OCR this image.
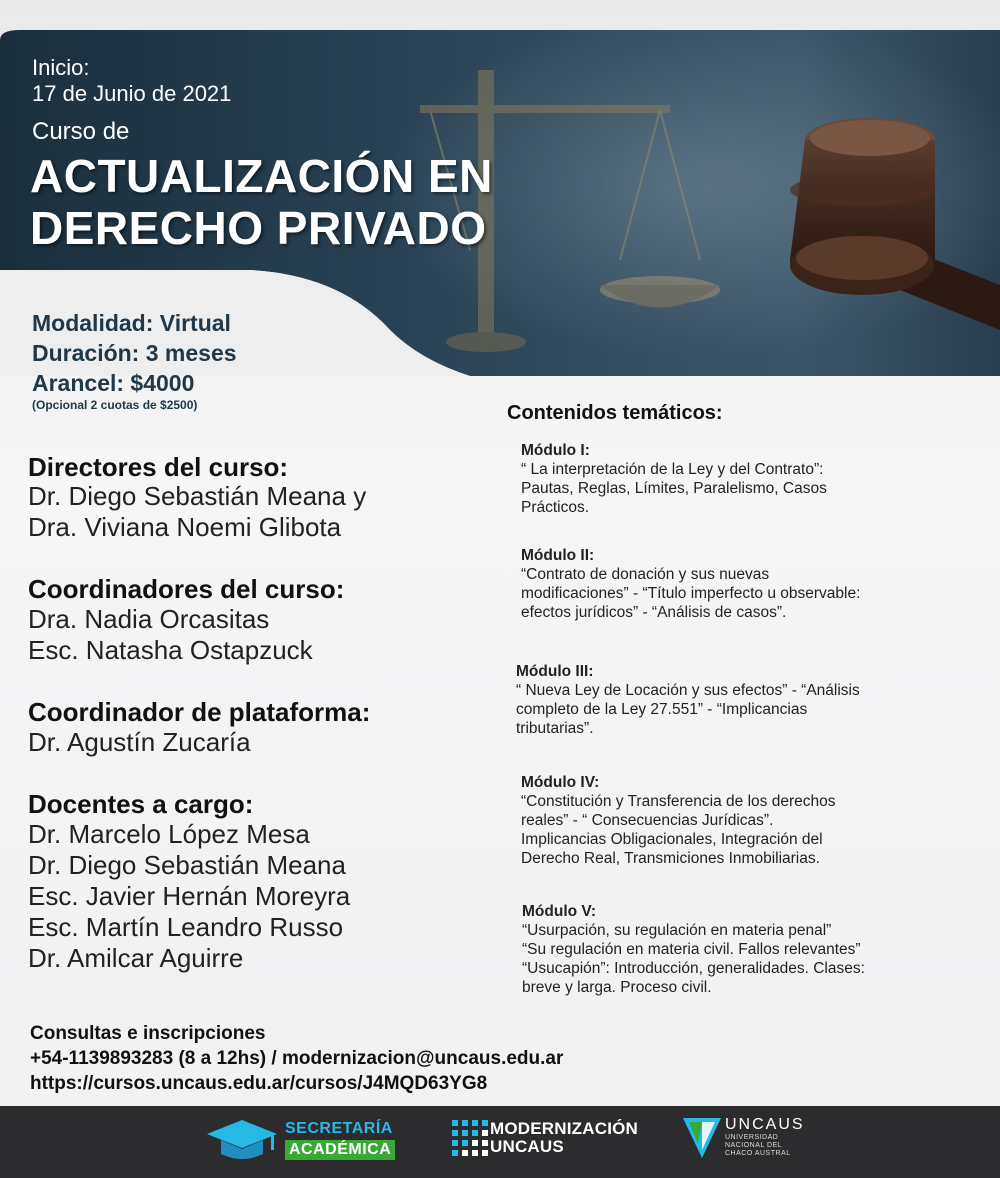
Inicio:
17 de Junio de 2021
Curso de
ACTUALIZACIÓN EN
DERECHO PRIVADO
Modalidad: Virtual
Duración: 3 meses
Arancel: $4000
(Opcional 2 cuotas de $2500)
Directores del curso:
Dr. Diego Sebastián Meana y
Dra. Viviana Noemi Glibota
Coordinadores del curso:
Dra. Nadia Orcasitas
Esc. Natasha Ostapzuck
Coordinador de plataforma:
Dr. Agustín Zucaría
Docentes a cargo:
Dr. Marcelo López Mesa
Dr. Diego Sebastián Meana
Esc. Javier Hernán Moreyra
Esc. Martín Leandro Russo
Dr. Amilcar Aguirre
Contenidos temáticos:
Módulo I:
“ La interpretación de la Ley y del Contrato”:
Pautas, Reglas, Límites, Paralelismo, Casos
Prácticos.
Módulo II:
“Contrato de donación y sus nuevas
modificaciones” - “Título imperfecto u observable:
efectos jurídicos” - “Análisis de casos”.
Módulo III:
“ Nueva Ley de Locación y sus efectos” - “Análisis
completo de la Ley 27.551” - “Implicancias
tributarias”.
Módulo IV:
“Constitución y Transferencia de los derechos
reales” - “ Consecuencias Jurídicas”.
Implicancias Obligacionales, Integración del
Derecho Real, Transmiciones Inmobiliarias.
Módulo V:
“Usurpación, su regulación en materia penal”
“Su regulación en materia civil. Fallos relevantes”
“Usucapión”: Introducción, generalidades. Clases:
breve y larga. Proceso civil.
Consultas e inscripciones
+54-1139893283 (8 a 12hs) / modernizacion@uncaus.edu.ar
https://cursos.uncaus.edu.ar/cursos/J4MQD63YG8
SECRETARÍA
ACADÉMICA
MODERNIZACIÓN
UNCAUS
UNCAUS
UNIVERSIDAD
NACIONAL DEL
CHACO AUSTRAL
